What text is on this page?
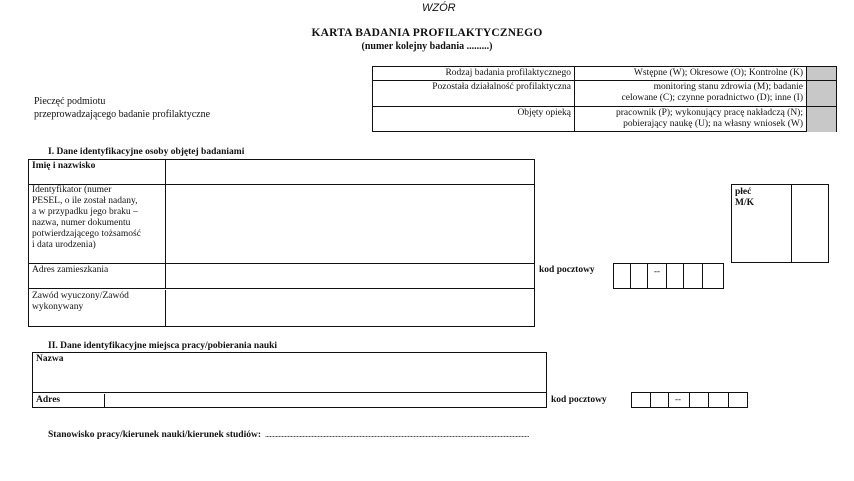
WZÓR
KARTA BADANIA PROFILAKTYCZNEGO
(numer kolejny badania .........)
Pieczęć podmiotu
przeprowadzającego badanie profilaktyczne
Rodzaj badania profilaktycznego	Wstępne (W); Okresowe (O); Kontrolne (K)
Pozostała działalność profilaktyczna	monitoring stanu zdrowia (M); badanie
celowane (C); czynne poradnictwo (D); inne (I)
Objęty opieką	pracownik (P); wykonujący pracę nakładczą (N);
pobierający naukę (U); na własny wniosek (W)
I. Dane identyfikacyjne osoby objętej badaniami
Imię i nazwisko
Identyfikator (numer
PESEL, o ile został nadany,
a w przypadku jego braku –
nazwa, numer dokumentu
potwierdzającego tożsamość
i data urodzenia)
płeć
M/K
Adres zamieszkania	kod pocztowy	--
Zawód wyuczony/Zawód
wykonywany
II. Dane identyfikacyjne miejsca pracy/pobierania nauki
Nazwa
Adres	kod pocztowy	--
Stanowisko pracy/kierunek nauki/kierunek studiów: ................................................................................................................................................................................
